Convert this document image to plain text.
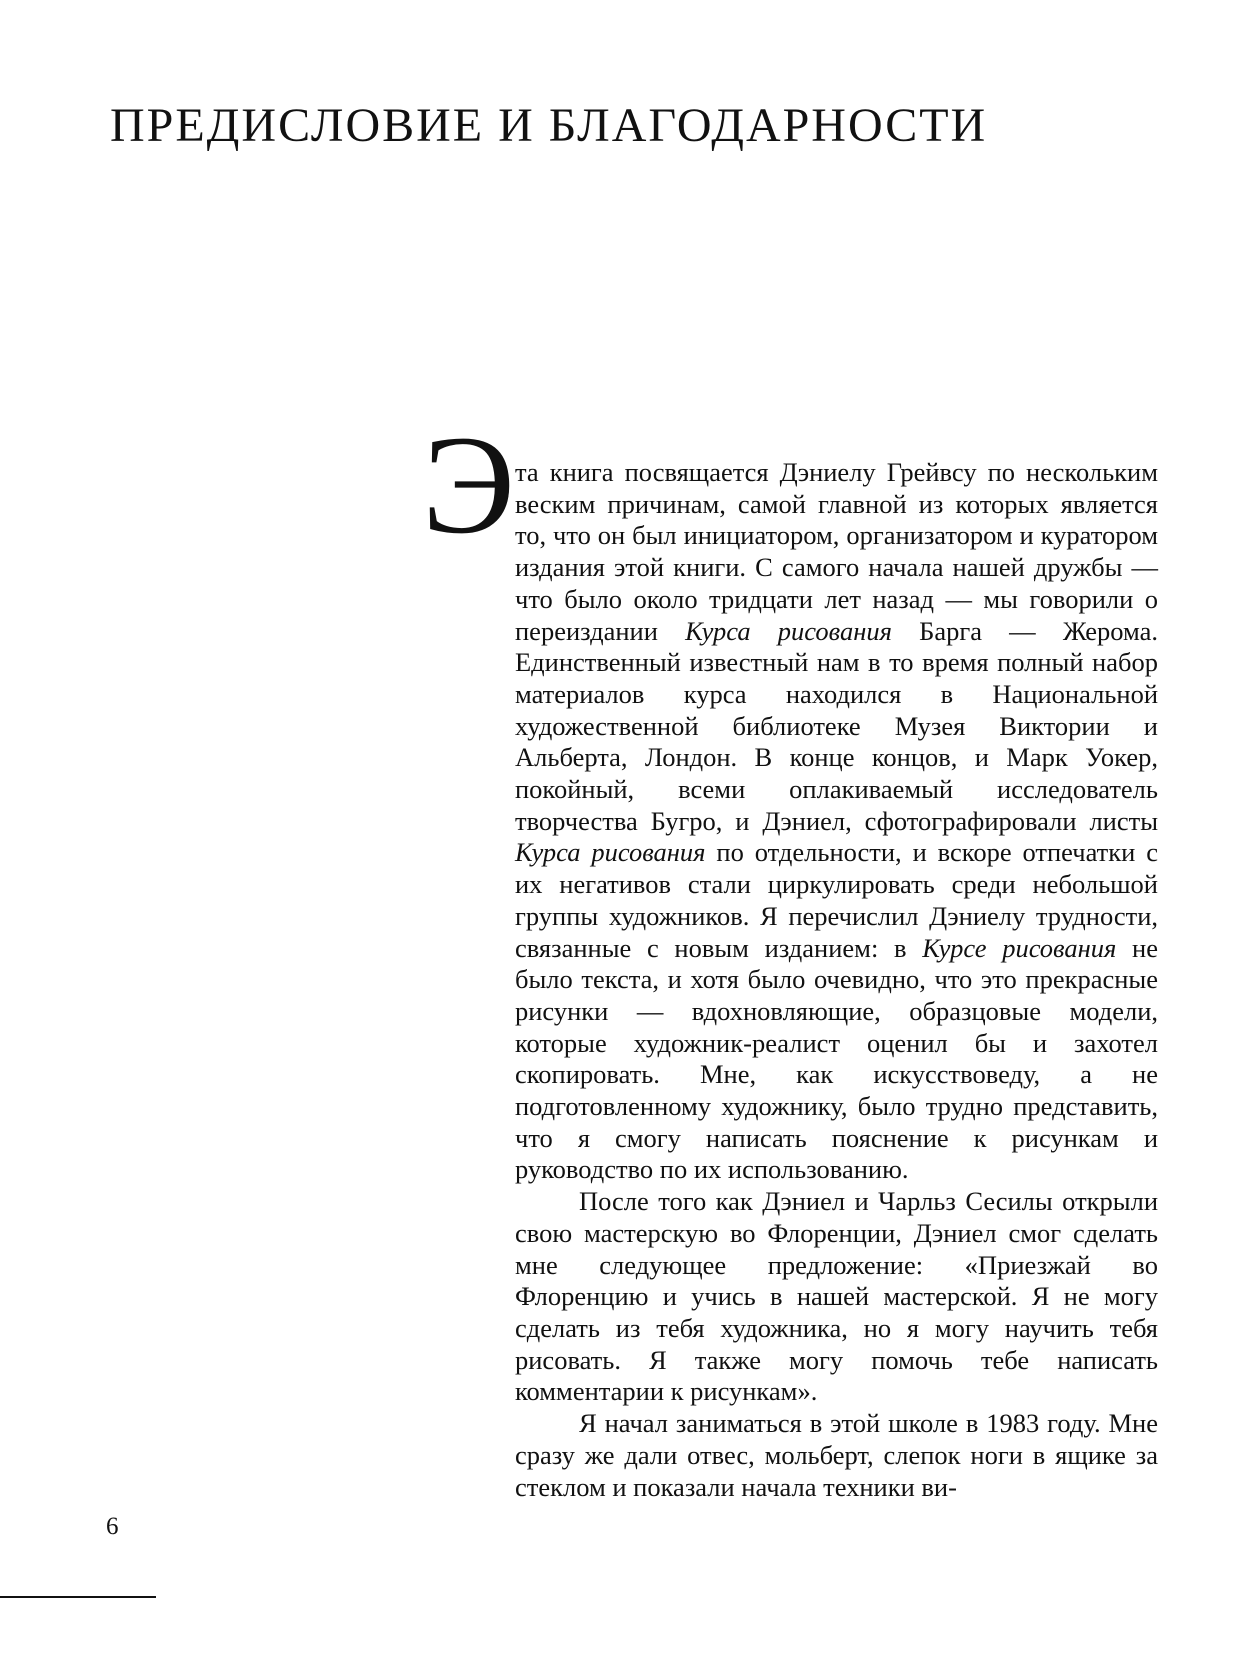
ПРЕДИСЛОВИЕ И БЛАГОДАРНОСТИ
Э та книга посвящается Дэниелу Грейвсу по нескольким веским причинам, самой главной из которых является то, что он был инициатором, организатором и куратором издания этой книги. С самого начала нашей дружбы — что было около тридцати лет назад — мы говорили о переиздании Курса рисования Барга — Жерома. Единственный известный нам в то время полный набор материалов курса находился в Национальной художественной библиотеке Музея Виктории и Альберта, Лондон. В конце концов, и Марк Уокер, покойный, всеми оплакиваемый исследователь творчества Бугро, и Дэниел, сфотографировали листы Курса рисования по отдельности, и вскоре отпечатки с их негативов стали циркулировать среди небольшой группы художников. Я перечислил Дэниелу трудности, связанные с новым изданием: в Курсе рисования не было текста, и хотя было очевидно, что это прекрасные рисунки — вдохновляющие, образцовые модели, которые художник-реалист оценил бы и захотел скопировать. Мне, как искусствоведу, а не подготовленному художнику, было трудно представить, что я смогу написать пояснение к рисункам и руководство по их использованию.

После того как Дэниел и Чарльз Сесилы открыли свою мастерскую во Флоренции, Дэниел смог сделать мне следующее предложение: «Приезжай во Флоренцию и учись в нашей мастерской. Я не могу сделать из тебя художника, но я могу научить тебя рисовать. Я также могу помочь тебе написать комментарии к рисункам».

Я начал заниматься в этой школе в 1983 году. Мне сразу же дали отвес, мольберт, слепок ноги в ящике за стеклом и показали начала техники ви-

6
